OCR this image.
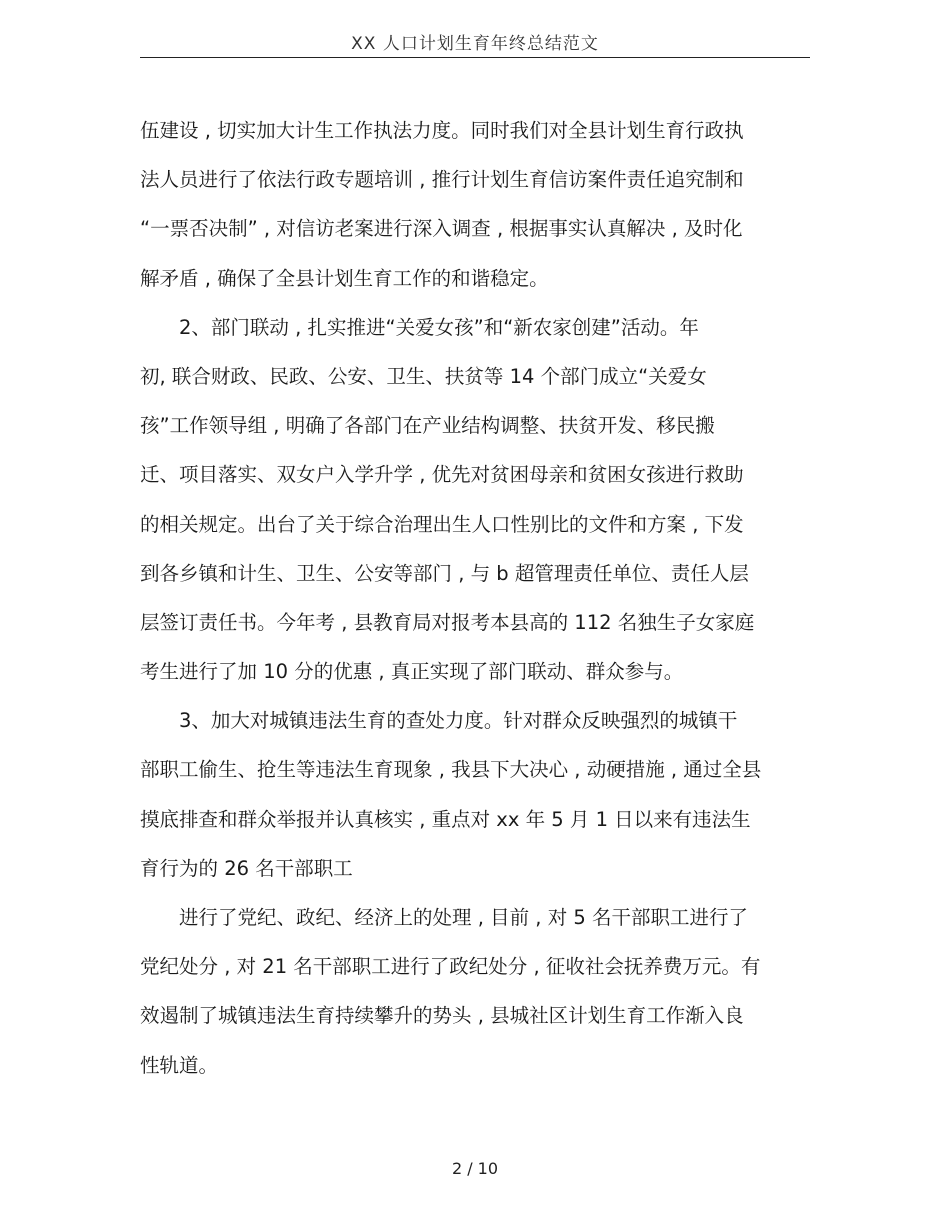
XX 人口计划生育年终总结范文
伍建设 , 切实加大计生工作执法力度。同时我们对全县计划生育行政执
法人员进行了依法行政专题培训 , 推行计划生育信访案件责任追究制和
“一票否决制” , 对信访老案进行深入调查 , 根据事实认真解决 , 及时化
解矛盾 , 确保了全县计划生育工作的和谐稳定。
2、部门联动 , 扎实推进“关爱女孩”和“新农家创建”活动。年
初, 联合财政、民政、公安、卫生、扶贫等 14 个部门成立“关爱女
孩”工作领导组 , 明确了各部门在产业结构调整、扶贫开发、移民搬
迁、项目落实、双女户入学升学 , 优先对贫困母亲和贫困女孩进行救助
的相关规定。出台了关于综合治理出生人口性别比的文件和方案 , 下发
到各乡镇和计生、卫生、公安等部门 , 与 b 超管理责任单位、责任人层
层签订责任书。今年考 , 县教育局对报考本县高的 112 名独生子女家庭
考生进行了加 10 分的优惠 , 真正实现了部门联动、群众参与。
3、加大对城镇违法生育的查处力度。针对群众反映强烈的城镇干
部职工偷生、抢生等违法生育现象 , 我县下大决心 , 动硬措施 , 通过全县
摸底排查和群众举报并认真核实 , 重点对 xx 年 5 月 1 日以来有违法生
育行为的 26 名干部职工
进行了党纪、政纪、经济上的处理 , 目前 , 对 5 名干部职工进行了
党纪处分 , 对 21 名干部职工进行了政纪处分 , 征收社会抚养费万元。有
效遏制了城镇违法生育持续攀升的势头 , 县城社区计划生育工作渐入良
性轨道。
2 / 10
